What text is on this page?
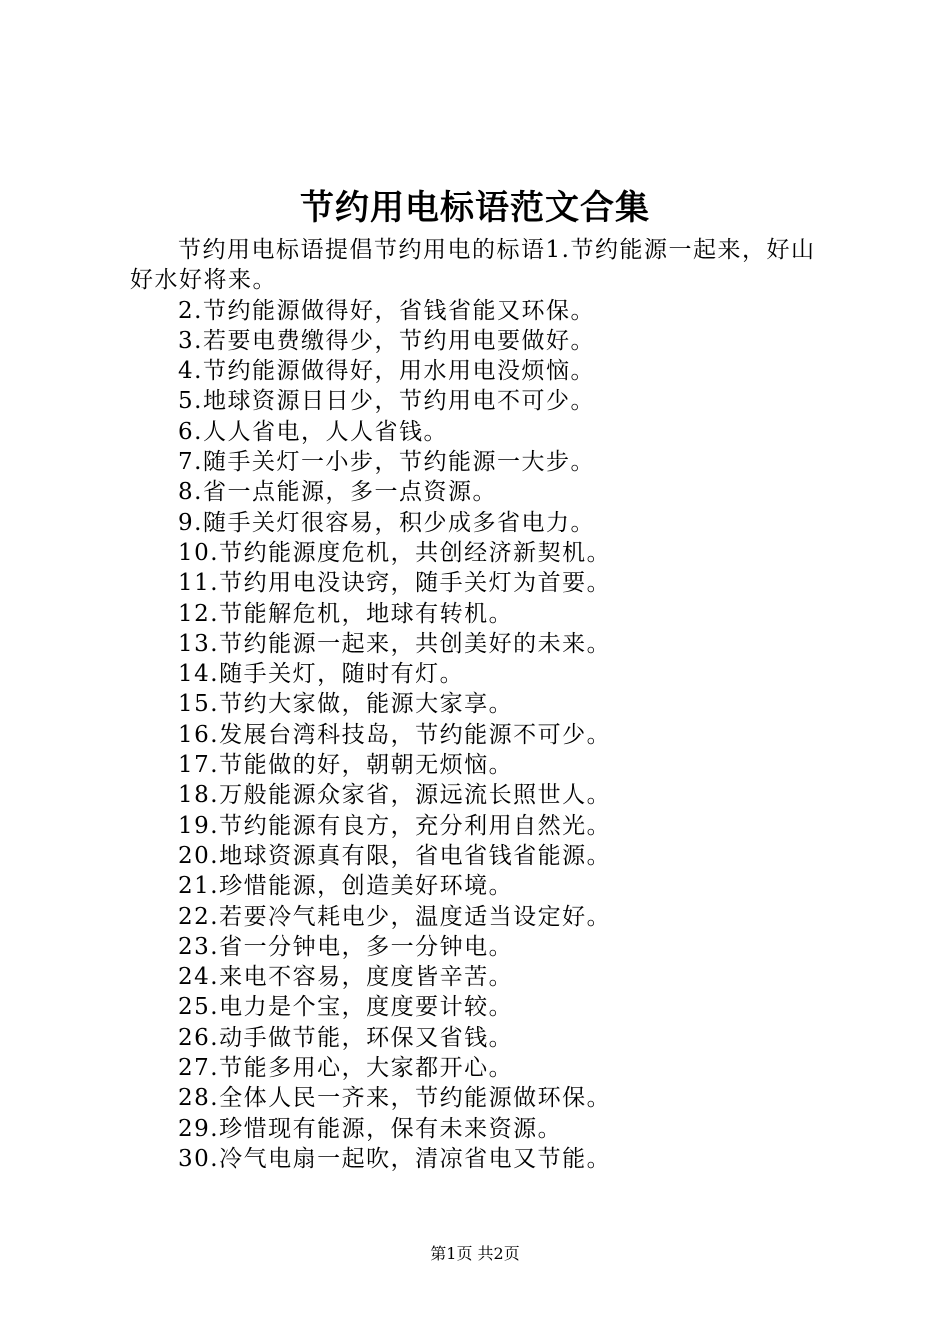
节约用电标语范文合集

节约用电标语提倡节约用电的标语1.节约能源一起来，好山好水好将来。

2.节约能源做得好，省钱省能又环保。
3.若要电费缴得少，节约用电要做好。
4.节约能源做得好，用水用电没烦恼。
5.地球资源日日少，节约用电不可少。
6.人人省电，人人省钱。
7.随手关灯一小步，节约能源一大步。
8.省一点能源，多一点资源。
9.随手关灯很容易，积少成多省电力。
10.节约能源度危机，共创经济新契机。
11.节约用电没诀窍，随手关灯为首要。
12.节能解危机，地球有转机。
13.节约能源一起来，共创美好的未来。
14.随手关灯，随时有灯。
15.节约大家做，能源大家享。
16.发展台湾科技岛，节约能源不可少。
17.节能做的好，朝朝无烦恼。
18.万般能源众家省，源远流长照世人。
19.节约能源有良方，充分利用自然光。
20.地球资源真有限，省电省钱省能源。
21.珍惜能源，创造美好环境。
22.若要冷气耗电少，温度适当设定好。
23.省一分钟电，多一分钟电。
24.来电不容易，度度皆辛苦。
25.电力是个宝，度度要计较。
26.动手做节能，环保又省钱。
27.节能多用心，大家都开心。
28.全体人民一齐来，节约能源做环保。
29.珍惜现有能源，保有未来资源。
30.冷气电扇一起吹，清凉省电又节能。
第1页 共2页
